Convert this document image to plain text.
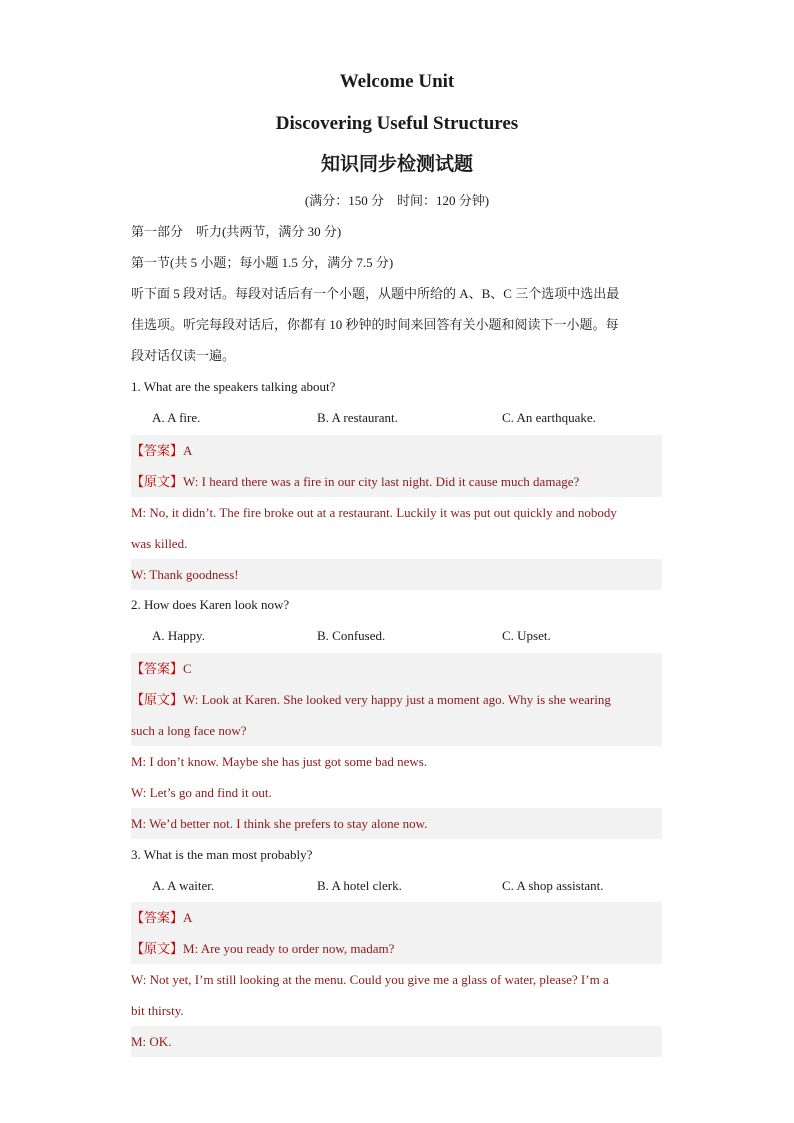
Welcome Unit
Discovering Useful Structures
知识同步检测试题
(满分：150 分　时间：120 分钟)
第一部分　听力(共两节，满分 30 分)
第一节(共 5 小题；每小题 1.5 分，满分 7.5 分)
听下面 5 段对话。每段对话后有一个小题，从题中所给的 A、B、C 三个选项中选出最
佳选项。听完每段对话后，你都有 10 秒钟的时间来回答有关小题和阅读下一小题。每
段对话仅读一遍。
1. What are the speakers talking about?
A. A fire.	B. A restaurant.	C. An earthquake.
【答案】A
【原文】W: I heard there was a fire in our city last night. Did it cause much damage?
M: No, it didn’t. The fire broke out at a restaurant. Luckily it was put out quickly and nobody
was killed.
W: Thank goodness!
2. How does Karen look now?
A. Happy.	B. Confused.	C. Upset.
【答案】C
【原文】W: Look at Karen. She looked very happy just a moment ago. Why is she wearing
such a long face now?
M: I don’t know. Maybe she has just got some bad news.
W: Let’s go and find it out.
M: We’d better not. I think she prefers to stay alone now.
3. What is the man most probably?
A. A waiter.	B. A hotel clerk.	C. A shop assistant.
【答案】A
【原文】M: Are you ready to order now, madam?
W: Not yet, I’m still looking at the menu. Could you give me a glass of water, please? I’m a
bit thirsty.
M: OK.
